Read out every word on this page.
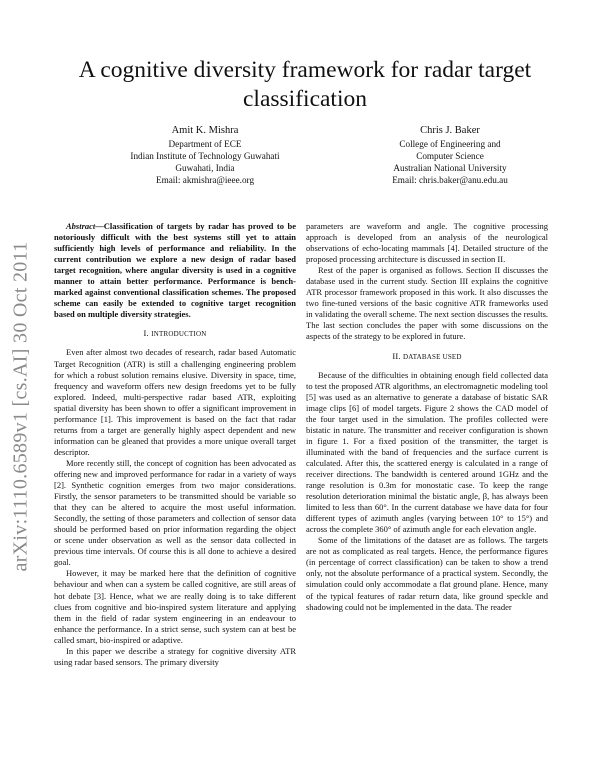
arXiv:1110.6589v1 [cs.AI] 30 Oct 2011
A cognitive diversity framework for radar target classification
Amit K. Mishra
Department of ECE
Indian Institute of Technology Guwahati
Guwahati, India
Email: akmishra@ieee.org
Chris J. Baker
College of Engineering and
Computer Science
Australian National University
Email: chris.baker@anu.edu.au

Abstract—Classification of targets by radar has proved to be notoriously difficult with the best systems still yet to attain sufficiently high levels of performance and reliability. In the current contribution we explore a new design of radar based target recognition, where angular diversity is used in a cognitive manner to attain better performance. Performance is bench-marked against conventional classification schemes. The proposed scheme can easily be extended to cognitive target recognition based on multiple diversity strategies.

I. INTRODUCTION

Even after almost two decades of research, radar based Automatic Target Recognition (ATR) is still a challenging engineering problem for which a robust solution remains elusive. Diversity in space, time, frequency and waveform offers new design freedoms yet to be fully explored. Indeed, multi-perspective radar based ATR, exploiting spatial diversity has been shown to offer a significant improvement in performance [1]. This improvement is based on the fact that radar returns from a target are generally highly aspect dependent and new information can be gleaned that provides a more unique overall target descriptor.

More recently still, the concept of cognition has been advocated as offering new and improved performance for radar in a variety of ways [2]. Synthetic cognition emerges from two major considerations. Firstly, the sensor parameters to be transmitted should be variable so that they can be altered to acquire the most useful information. Secondly, the setting of those parameters and collection of sensor data should be performed based on prior information regarding the object or scene under observation as well as the sensor data collected in previous time intervals. Of course this is all done to achieve a desired goal.

However, it may be marked here that the definition of cognitive behaviour and when can a system be called cognitive, are still areas of hot debate [3]. Hence, what we are really doing is to take different clues from cognitive and bio-inspired system literature and applying them in the field of radar system engineering in an endeavour to enhance the performance. In a strict sense, such system can at best be called smart, bio-inspired or adaptive.

In this paper we describe a strategy for cognitive diversity ATR using radar based sensors. The primary diversity

parameters are waveform and angle. The cognitive processing approach is developed from an analysis of the neurological observations of echo-locating mammals [4]. Detailed structure of the proposed processing architecture is discussed in section II.

Rest of the paper is organised as follows. Section II discusses the database used in the current study. Section III explains the cognitive ATR processor framework proposed in this work. It also discusses the two fine-tuned versions of the basic cognitive ATR frameworks used in validating the overall scheme. The next section discusses the results. The last section concludes the paper with some discussions on the aspects of the strategy to be explored in future.

II. DATABASE USED

Because of the difficulties in obtaining enough field collected data to test the proposed ATR algorithms, an electromagnetic modeling tool [5] was used as an alternative to generate a database of bistatic SAR image clips [6] of model targets. Figure 2 shows the CAD model of the four target used in the simulation. The profiles collected were bistatic in nature. The transmitter and receiver configuration is shown in figure 1. For a fixed position of the transmitter, the target is illuminated with the band of frequencies and the surface current is calculated. After this, the scattered energy is calculated in a range of receiver directions. The bandwidth is centered around 1GHz and the range resolution is 0.3m for monostatic case. To keep the range resolution deterioration minimal the bistatic angle, β, has always been limited to less than 60°. In the current database we have data for four different types of azimuth angles (varying between 10° to 15°) and across the complete 360° of azimuth angle for each elevation angle.

Some of the limitations of the dataset are as follows. The targets are not as complicated as real targets. Hence, the performance figures (in percentage of correct classification) can be taken to show a trend only, not the absolute performance of a practical system. Secondly, the simulation could only accommodate a flat ground plane. Hence, many of the typical features of radar return data, like ground speckle and shadowing could not be implemented in the data. The reader
